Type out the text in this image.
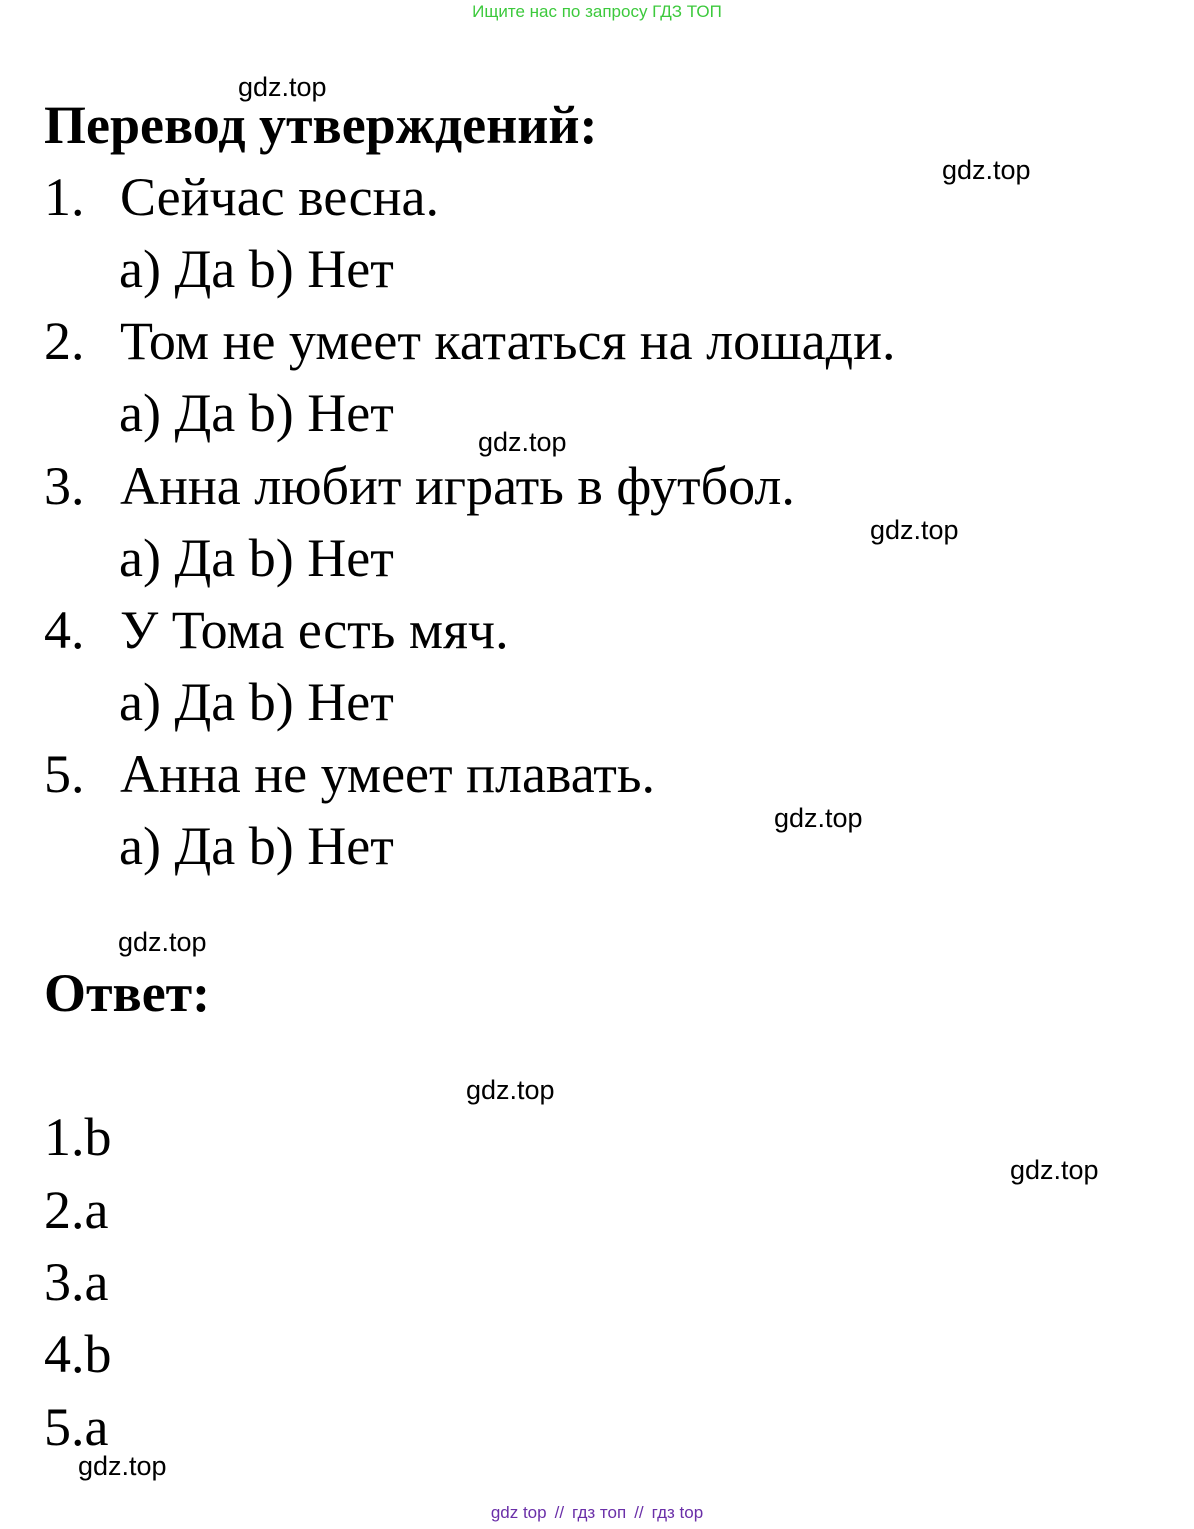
Ищите нас по запросу ГДЗ ТОП
gdz.top
gdz.top
gdz.top
gdz.top
gdz.top
gdz.top
gdz.top
gdz.top
gdz.top
Перевод утверждений:
1. Сейчас весна.
a) Да b) Нет
2. Том не умеет кататься на лошади.
a) Да b) Нет
3. Анна любит играть в футбол.
a) Да b) Нет
4. У Тома есть мяч.
a) Да b) Нет
5. Анна не умеет плавать.
a) Да b) Нет
Ответ:
1.b
2.a
3.a
4.b
5.a
gdz top // гдз топ // гдз top
